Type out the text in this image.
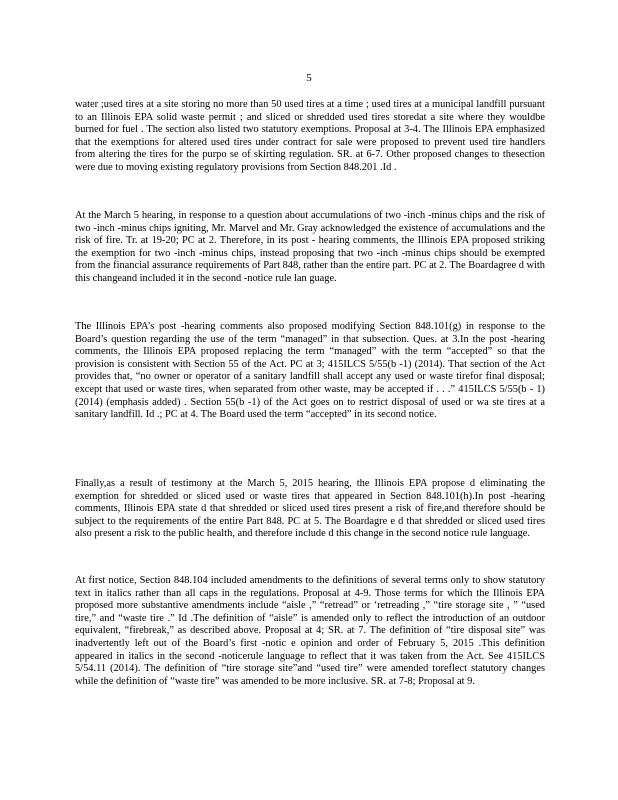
5

water ;used tires at a site storing no more than 50 used tires at a time ; used tires at a municipal landfill pursuant to an Illinois EPA solid waste permit ; and sliced or shredded used tires storedat a site where they wouldbe burned for fuel . The section also listed two statutory exemptions. Proposal at 3-4. The Illinois EPA emphasized that the exemptions for altered used tires under contract for sale were proposed to prevent used tire handlers from altering the tires for the purpo se of skirting regulation. SR. at 6-7. Other proposed changes to thesection were due to moving existing regulatory provisions from Section 848.201 .Id .

At the March 5 hearing, in response to a question about accumulations of two -inch -minus chips and the risk of two -inch -minus chips igniting, Mr. Marvel and Mr. Gray acknowledged the existence of accumulations and the risk of fire. Tr. at 19-20; PC at 2. Therefore, in its post - hearing comments, the Illinois EPA proposed striking the exemption for two -inch -minus chips, instead proposing that two -inch -minus chips should be exempted from the financial assurance requirements of Part 848, rather than the entire part. PC at 2. The Boardagree d with this changeand included it in the second -notice rule lan guage.

The Illinois EPA’s post -hearing comments also proposed modifying Section 848.101(g) in response to the Board’s question regarding the use of the term “managed” in that subsection. Ques. at 3.In the post -hearing comments, the Illinois EPA proposed replacing the term “managed” with the term “accepted” so that the provision is consistent with Section 55 of the Act. PC at 3; 415ILCS 5/55(b -1) (2014). That section of the Act provides that, “no owner or operator of a sanitary landfill shall accept any used or waste tirefor final disposal; except that used or waste tires, when separated from other waste, may be accepted if . . .” 415ILCS 5/55(b - 1) (2014) (emphasis added) . Section 55(b -1) of the Act goes on to restrict disposal of used or wa ste tires at a sanitary landfill. Id .; PC at 4. The Board used the term “accepted” in its second notice.

Finally,as a result of testimony at the March 5, 2015 hearing, the Illinois EPA propose d eliminating the exemption for shredded or sliced used or waste tires that appeared in Section 848.101(h).In post -hearing comments, Illinois EPA state d that shredded or sliced used tires present a risk of fire,and therefore should be subject to the requirements of the entire Part 848. PC at 5. The Boardagre e d that shredded or sliced used tires also present a risk to the public health, and therefore include d this change in the second notice rule language.

At first notice, Section 848.104 included amendments to the definitions of several terms only to show statutory text in italics rather than all caps in the regulations. Proposal at 4-9. Those terms for which the Illinois EPA proposed more substantive amendments include “aisle ,” “retread” or ‘retreading ,” “tire storage site , ” “used tire,” and “waste tire .” Id .The definition of “aisle” is amended only to reflect the introduction of an outdoor equivalent, “firebreak,” as described above. Proposal at 4; SR. at 7. The definition of “tire disposal site” was inadvertently left out of the Board’s first -notic e opinion and order of February 5, 2015 .This definition appeared in italics in the second -noticerule language to reflect that it was taken from the Act. See 415ILCS 5/54.11 (2014). The definition of “tire storage site”and “used tire” were amended toreflect statutory changes while the definition of “waste tire” was amended to be more inclusive. SR. at 7-8; Proposal at 9.
